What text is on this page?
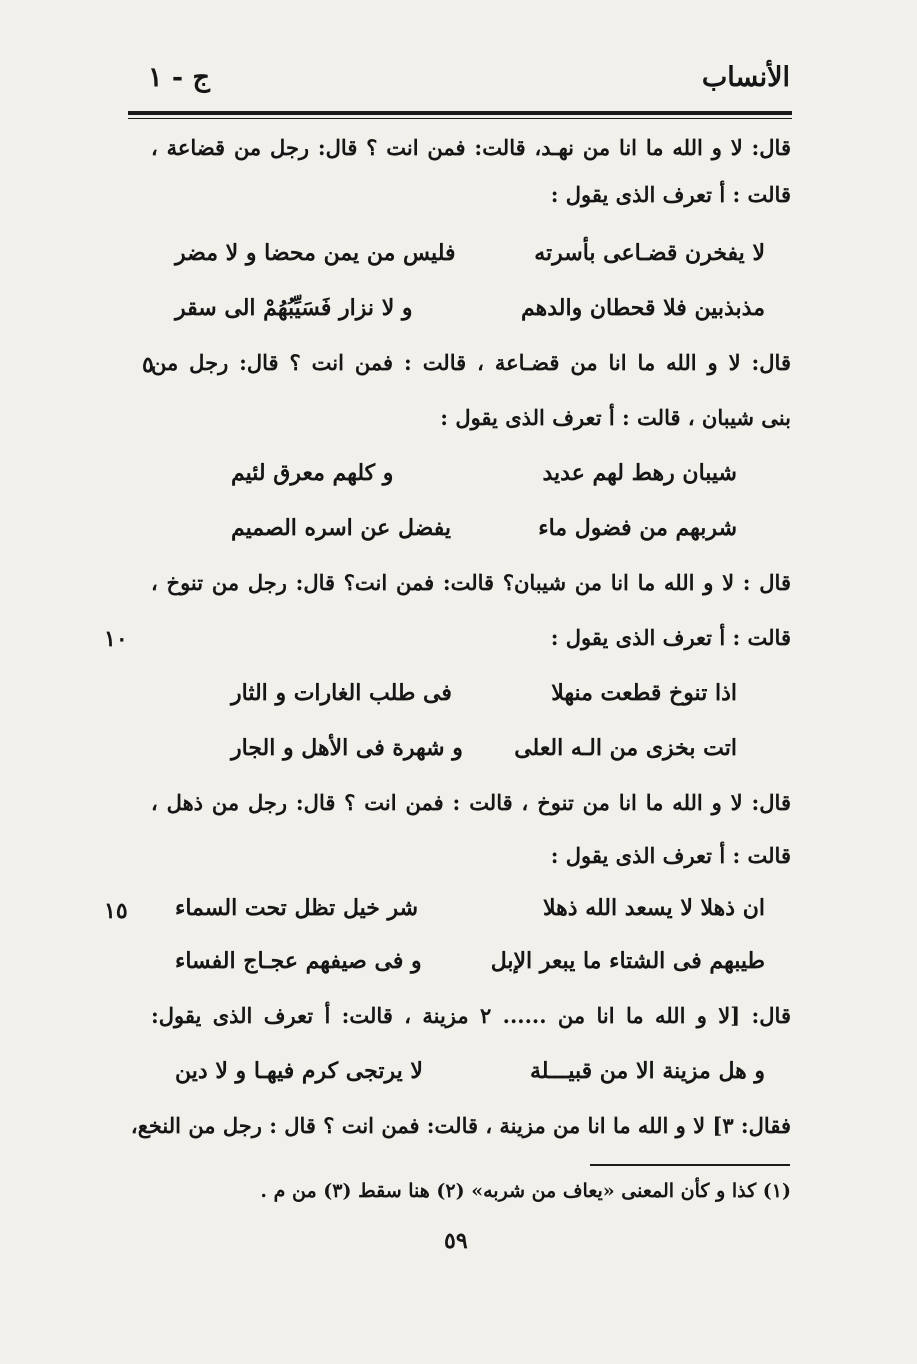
الأنساب
ج - ١
قال: لا و الله ما انا من نهـد، قالت: فمن انت ؟ قال: رجل من قضاعة ،
قالت : أ تعرف الذى يقول :
لا يفخرن قضـاعى بأسرته
فليس من يمن محضا و لا مضر
مذبذبين فلا قحطان والدهم
و لا نزار فَسَيِّبُهُمْ الى سقر
قال: لا و الله ما انا من قضـاعة ، قالت : فمن انت ؟ قال: رجل من
بنى شيبان ، قالت : أ تعرف الذى يقول :
شيبان رهط لهم عديد
و كلهم معرق لئيم
شربهم من فضول ماء
يفضل عن اسره الصميم
قال : لا و الله ما انا من شيبان؟ قالت: فمن انت؟ قال: رجل من تنوخ ،
قالت : أ تعرف الذى يقول :
اذا تنوخ قطعت منهلا
فى طلب الغارات و الثار
اتت بخزى من الـه العلى
و شهرة فى الأهل و الجار
قال: لا و الله ما انا من تنوخ ، قالت : فمن انت ؟ قال: رجل من ذهل ،
قالت : أ تعرف الذى يقول :
ان ذهلا لا يسعد الله ذهلا
شر خيل تظل تحت السماء
طيبهم فى الشتاء ما يبعر الإبل
و فى صيفهم عجـاج الفساء
قال: [لا و الله ما انا من ...... ٢ مزينة ، قالت: أ تعرف الذى يقول:
و هل مزينة الا من قبيـــلة
لا يرتجى كرم فيهـا و لا دين
فقال: ٣] لا و الله ما انا من مزينة ، قالت: فمن انت ؟ قال : رجل من النخع،
٥
١٠
١٥
(١) كذا و كأن المعنى «يعاف من شربه» (٢) هنا سقط (٣) من م .
٥٩
